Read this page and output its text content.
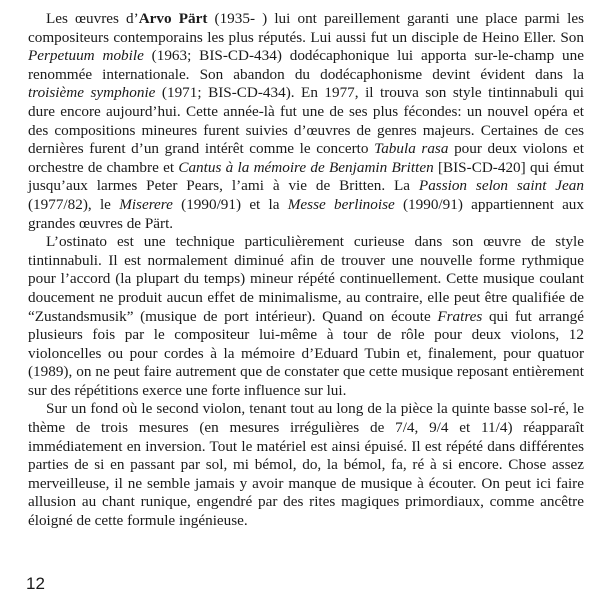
Les œuvres d’Arvo Pärt (1935- ) lui ont pareillement garanti une place parmi les compositeurs contemporains les plus réputés. Lui aussi fut un disciple de Heino Eller. Son Perpetuum mobile (1963; BIS-CD-434) dodécaphonique lui apporta sur-le-champ une renommée internationale. Son abandon du dodécaphonisme devint évident dans la troisième symphonie (1971; BIS-CD-434). En 1977, il trouva son style tintinnabuli qui dure encore aujourd’hui. Cette année-là fut une de ses plus fécondes: un nouvel opéra et des compositions mineures furent suivies d’œuvres de genres majeurs. Certaines de ces dernières furent d’un grand intérêt comme le concerto Tabula rasa pour deux violons et orchestre de chambre et Cantus à la mémoire de Benjamin Britten [BIS-CD-420] qui émut jusqu’aux larmes Peter Pears, l’ami à vie de Britten. La Passion selon saint Jean (1977/82), le Miserere (1990/91) et la Messe berlinoise (1990/91) appartiennent aux grandes œuvres de Pärt.

L’ostinato est une technique particulièrement curieuse dans son œuvre de style tintinnabuli. Il est normalement diminué afin de trouver une nouvelle forme rythmique pour l’accord (la plupart du temps) mineur répété continuellement. Cette musique coulant doucement ne produit aucun effet de minimalisme, au contraire, elle peut être qualifiée de “Zustandsmusik” (musique de port intérieur). Quand on écoute Fratres qui fut arrangé plusieurs fois par le compositeur lui-même à tour de rôle pour deux violons, 12 violoncelles ou pour cordes à la mémoire d’Eduard Tubin et, finalement, pour quatuor (1989), on ne peut faire autrement que de constater que cette musique reposant entièrement sur des répétitions exerce une forte influence sur lui.

Sur un fond où le second violon, tenant tout au long de la pièce la quinte basse sol-ré, le thème de trois mesures (en mesures irrégulières de 7/4, 9/4 et 11/4) réapparaît immédiatement en inversion. Tout le matériel est ainsi épuisé. Il est répété dans différentes parties de si en passant par sol, mi bémol, do, la bémol, fa, ré à si encore. Chose assez merveilleuse, il ne semble jamais y avoir manque de musique à écouter. On peut ici faire allusion au chant runique, engendré par des rites magiques primordiaux, comme ancêtre éloigné de cette formule ingénieuse.

12
